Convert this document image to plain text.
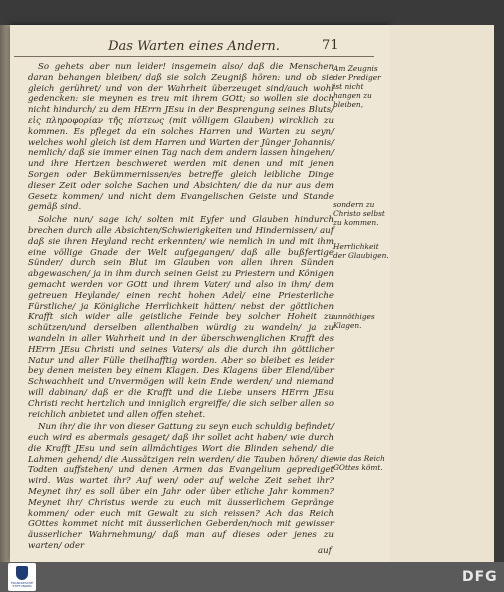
Das Warten eines Andern.	71

So gehets aber nun leider! insgemein also/ daß die Menschen daran behangen bleiben/ daß sie solch Zeugniß hören: und ob sie gleich gerühret/ und von der Wahrheit überzeuget sind/auch wohl gedencken: sie meynen es treu mit ihrem GOtt; so wollen sie doch nicht hindurch/ zu dem HErrn JEsu in der Besprengung seines Bluts/ εἰς πληροφορίαν τῆς πίστεως (mit völligem Glauben) wircklich zu kommen. Es pfleget da ein solches Harren und Warten zu seyn/ welches wohl gleich ist dem Harren und Warten der Jünger Johannis/ nemlich/ daß sie immer einen Tag nach dem andern lassen hingehen/ und ihre Hertzen beschweret werden mit denen und mit jenen Sorgen oder Bekümmernissen/es betreffe gleich leibliche Dinge dieser Zeit oder solche Sachen und Absichten/ die da nur aus dem Gesetz kommen/ und nicht dem Evangelischen Geiste und Stande gemäß sind.

Solche nun/ sage ich/ solten mit Eyfer und Glauben hindurch brechen durch alle Absichten/Schwierigkeiten und Hindernissen/ auf daß sie ihren Heyland recht erkennten/ wie nemlich in und mit ihm eine völlige Gnade der Welt aufgegangen/ daß alle bußfertige Sünder/ durch sein Blut im Glauben von allen ihren Sünden abgewaschen/ ja in ihm durch seinen Geist zu Priestern und Königen gemacht werden vor GOtt und ihrem Vater/ und also in ihm/ dem getreuen Heylande/ einen recht hohen Adel/ eine Priesterliche Fürstliche/ ja Königliche Herrlichkeit hätten/ nebst der göttlichen Krafft sich wider alle geistliche Feinde bey solcher Hoheit zu schützen/und derselben allenthalben würdig zu wandeln/ ja zu wandeln in aller Wahrheit und in der überschwenglichen Krafft des HErrn JEsu Christi und seines Vaters/ als die durch ihn göttlicher Natur und aller Fülle theilhafftig worden. Aber so bleibet es leider bey denen meisten bey einem Klagen. Des Klagens über Elend/über Schwachheit und Unvermögen will kein Ende werden/ und niemand will dabinan/ daß er die Krafft und die Liebe unsers HErrn JEsu Christi recht hertzlich und inniglich ergreiffe/ die sich selber allen so reichlich anbietet und allen offen stehet.

Nun ihr/ die ihr von dieser Gattung zu seyn euch schuldig befindet/ euch wird es abermals gesaget/ daß ihr sollet acht haben/ wie durch die Krafft JEsu und sein allmächtiges Wort die Blinden sehend/ die Lahmen gehend/ die Aussätzigen rein werden/ die Tauben hören/ die Todten auffstehen/ und denen Armen das Evangelium geprediget wird. Was wartet ihr? Auf wen/ oder auf welche Zeit sehet ihr? Meynet ihr/ es soll über ein Jahr oder über etliche Jahr kommen? Meynet ihr/ Christus werde zu euch mit äusserlichem Gepränge kommen/ oder euch mit Gewalt zu sich reissen? Ach das Reich GOttes kommet nicht mit äusserlichen Geberden/noch mit gewisser äusserlicher Wahrnehmung/ daß man auf dieses oder jenes zu warten/ oder

Am Zeugnis der Prediger ist nicht hangen zu bleiben,
sondern zu Christo selbst zu kommen.
Herrlichkeit der Glaubigen.
unnöthiges Klagen.
wie das Reich GOttes kömt.
auf
FRANCKESCHE STIFTUNGEN
DFG
